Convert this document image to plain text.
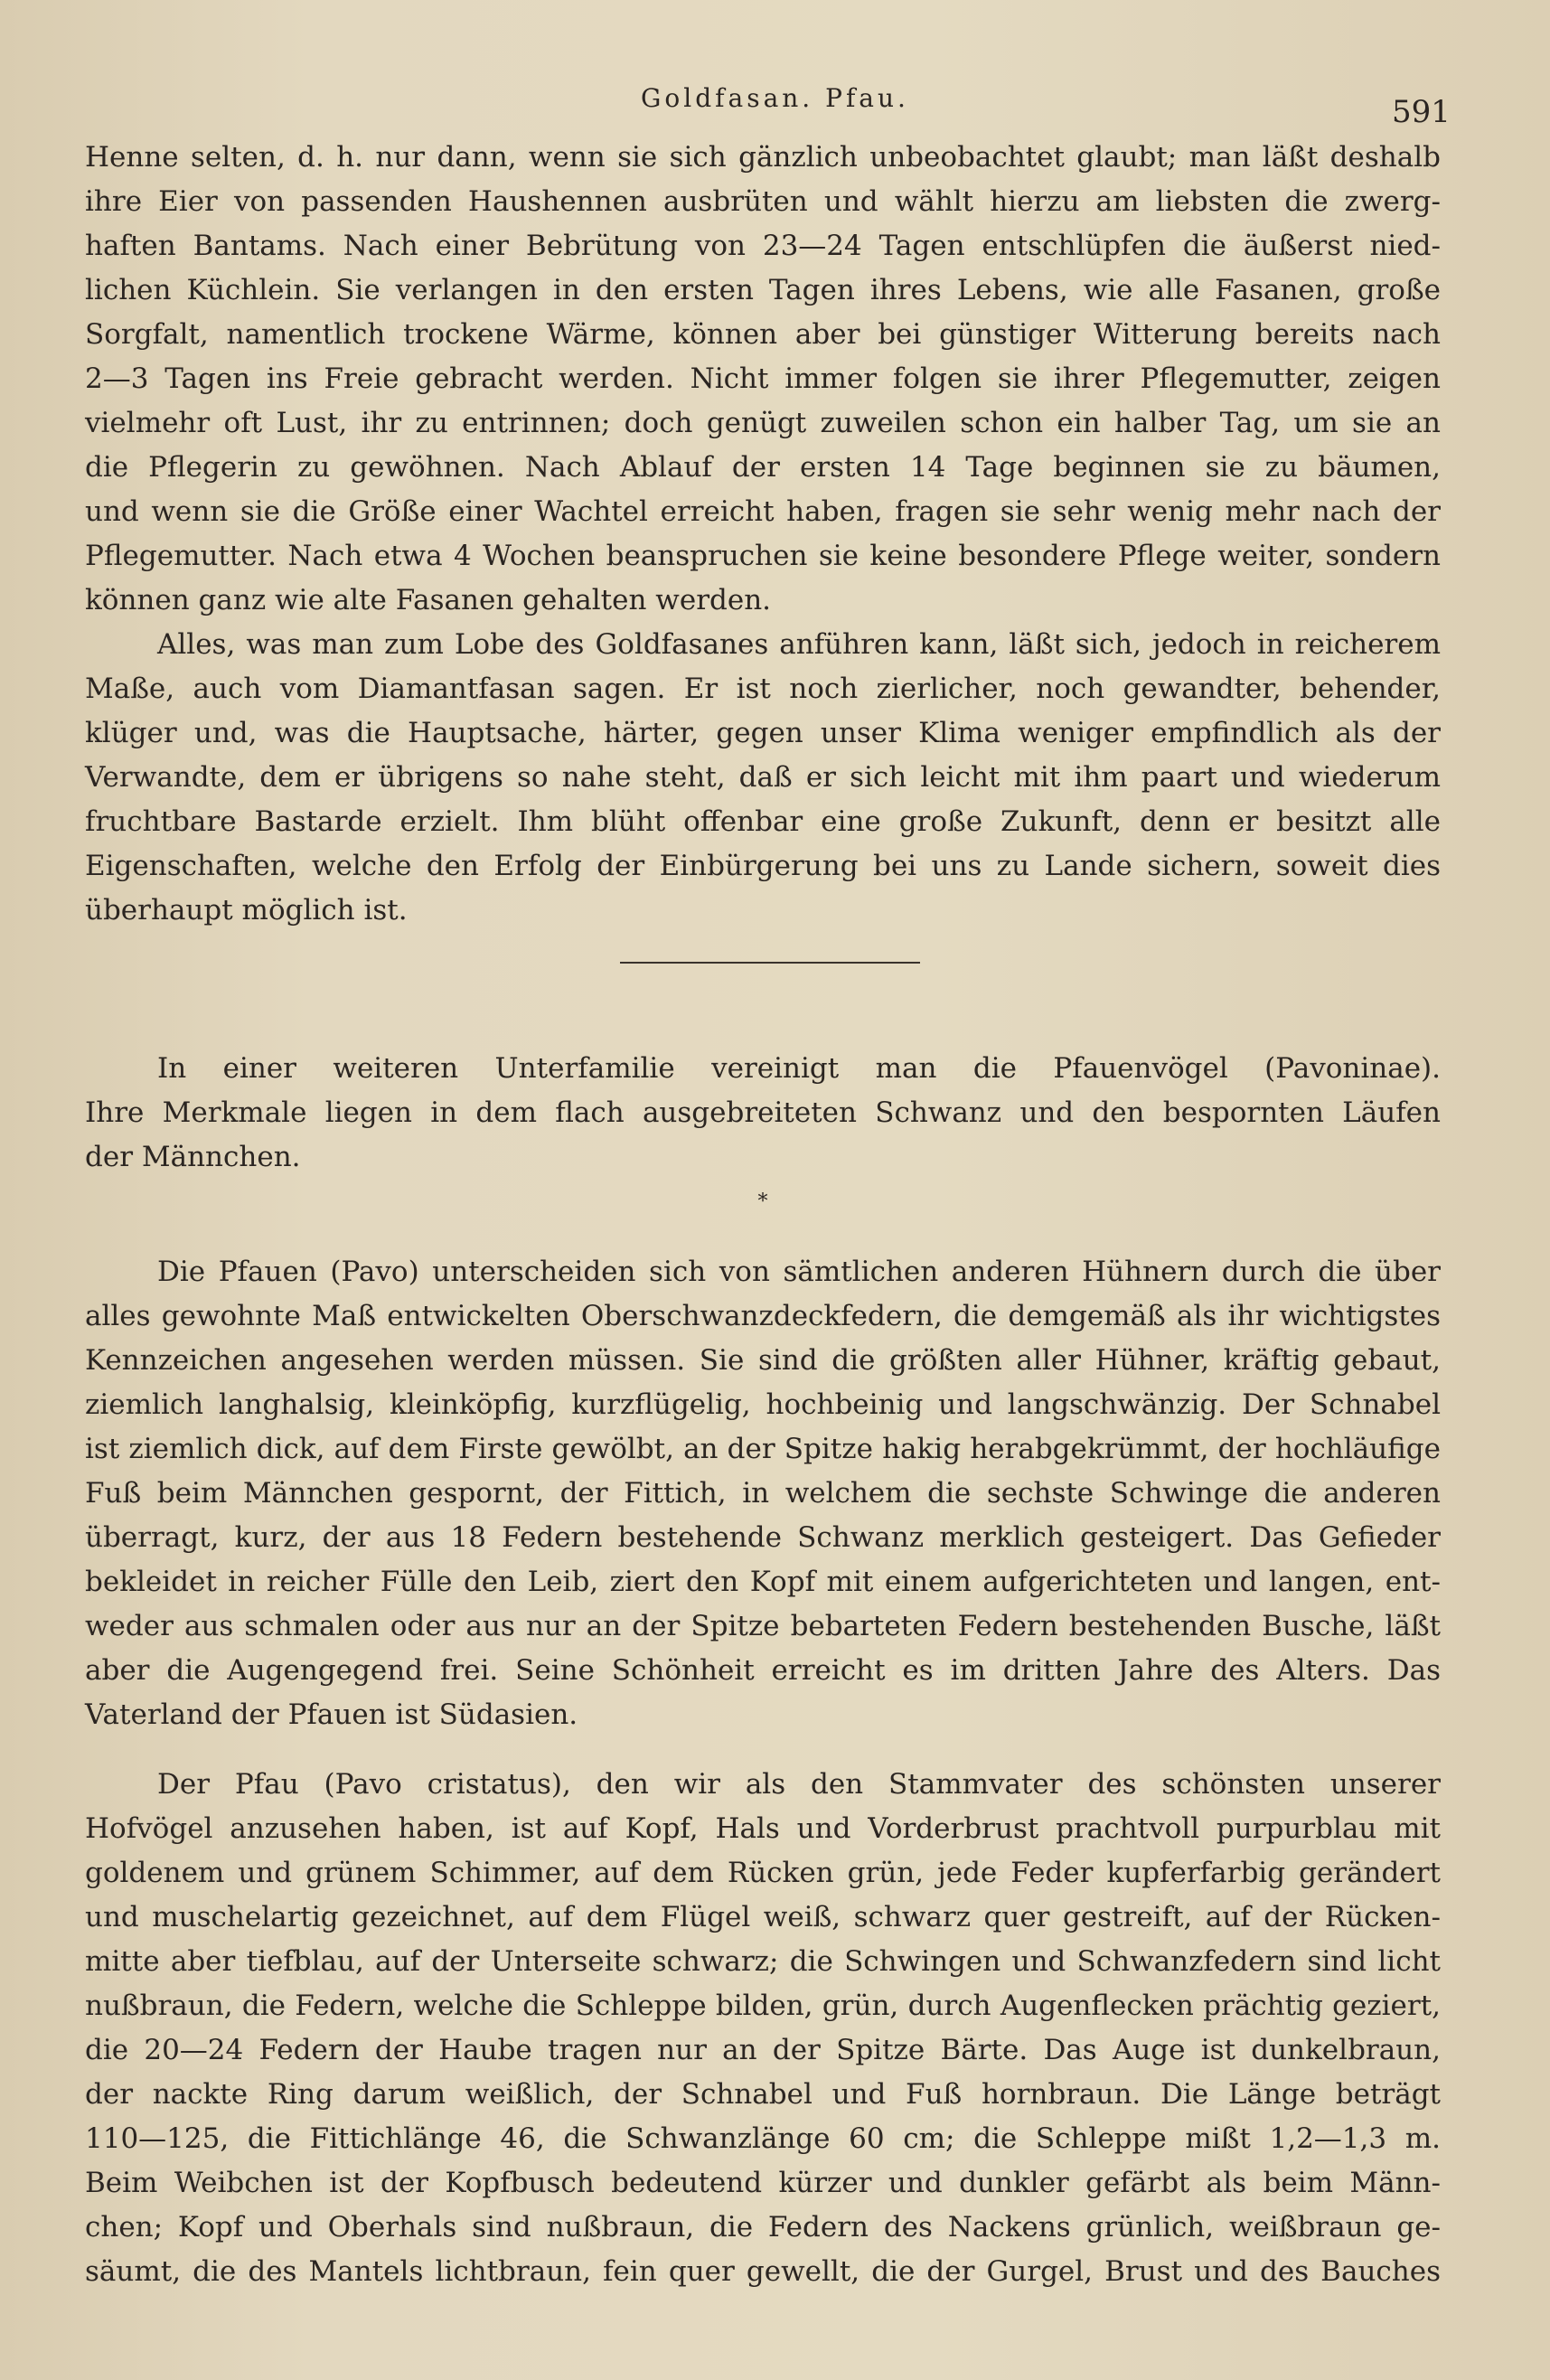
Goldfasan. Pfau.	591
Henne selten, d. h. nur dann, wenn sie sich gänzlich unbeobachtet glaubt; man läßt deshalb
ihre Eier von passenden Haushennen ausbrüten und wählt hierzu am liebsten die zwerg-
haften Bantams. Nach einer Bebrütung von 23—24 Tagen entschlüpfen die äußerst nied-
lichen Küchlein. Sie verlangen in den ersten Tagen ihres Lebens, wie alle Fasanen, große
Sorgfalt, namentlich trockene Wärme, können aber bei günstiger Witterung bereits nach
2—3 Tagen ins Freie gebracht werden. Nicht immer folgen sie ihrer Pflegemutter, zeigen
vielmehr oft Lust, ihr zu entrinnen; doch genügt zuweilen schon ein halber Tag, um sie an
die Pflegerin zu gewöhnen. Nach Ablauf der ersten 14 Tage beginnen sie zu bäumen,
und wenn sie die Größe einer Wachtel erreicht haben, fragen sie sehr wenig mehr nach der
Pflegemutter. Nach etwa 4 Wochen beanspruchen sie keine besondere Pflege weiter, sondern
können ganz wie alte Fasanen gehalten werden.
Alles, was man zum Lobe des Goldfasanes anführen kann, läßt sich, jedoch in reicherem
Maße, auch vom Diamantfasan sagen. Er ist noch zierlicher, noch gewandter, behender,
klüger und, was die Hauptsache, härter, gegen unser Klima weniger empfindlich als der
Verwandte, dem er übrigens so nahe steht, daß er sich leicht mit ihm paart und wiederum
fruchtbare Bastarde erzielt. Ihm blüht offenbar eine große Zukunft, denn er besitzt alle
Eigenschaften, welche den Erfolg der Einbürgerung bei uns zu Lande sichern, soweit dies
überhaupt möglich ist.
In einer weiteren Unterfamilie vereinigt man die Pfauenvögel (Pavoninae).
Ihre Merkmale liegen in dem flach ausgebreiteten Schwanz und den bespornten Läufen
der Männchen.
*
Die Pfauen (Pavo) unterscheiden sich von sämtlichen anderen Hühnern durch die über
alles gewohnte Maß entwickelten Oberschwanzdeckfedern, die demgemäß als ihr wichtigstes
Kennzeichen angesehen werden müssen. Sie sind die größten aller Hühner, kräftig gebaut,
ziemlich langhalsig, kleinköpfig, kurzflügelig, hochbeinig und langschwänzig. Der Schnabel
ist ziemlich dick, auf dem Firste gewölbt, an der Spitze hakig herabgekrümmt, der hochläufige
Fuß beim Männchen gespornt, der Fittich, in welchem die sechste Schwinge die anderen
überragt, kurz, der aus 18 Federn bestehende Schwanz merklich gesteigert. Das Gefieder
bekleidet in reicher Fülle den Leib, ziert den Kopf mit einem aufgerichteten und langen, ent-
weder aus schmalen oder aus nur an der Spitze bebarteten Federn bestehenden Busche, läßt
aber die Augengegend frei. Seine Schönheit erreicht es im dritten Jahre des Alters. Das
Vaterland der Pfauen ist Südasien.
Der Pfau (Pavo cristatus), den wir als den Stammvater des schönsten unserer
Hofvögel anzusehen haben, ist auf Kopf, Hals und Vorderbrust prachtvoll purpurblau mit
goldenem und grünem Schimmer, auf dem Rücken grün, jede Feder kupferfarbig gerändert
und muschelartig gezeichnet, auf dem Flügel weiß, schwarz quer gestreift, auf der Rücken-
mitte aber tiefblau, auf der Unterseite schwarz; die Schwingen und Schwanzfedern sind licht
nußbraun, die Federn, welche die Schleppe bilden, grün, durch Augenflecken prächtig geziert,
die 20—24 Federn der Haube tragen nur an der Spitze Bärte. Das Auge ist dunkelbraun,
der nackte Ring darum weißlich, der Schnabel und Fuß hornbraun. Die Länge beträgt
110—125, die Fittichlänge 46, die Schwanzlänge 60 cm; die Schleppe mißt 1,2—1,3 m.
Beim Weibchen ist der Kopfbusch bedeutend kürzer und dunkler gefärbt als beim Männ-
chen; Kopf und Oberhals sind nußbraun, die Federn des Nackens grünlich, weißbraun ge-
säumt, die des Mantels lichtbraun, fein quer gewellt, die der Gurgel, Brust und des Bauches
